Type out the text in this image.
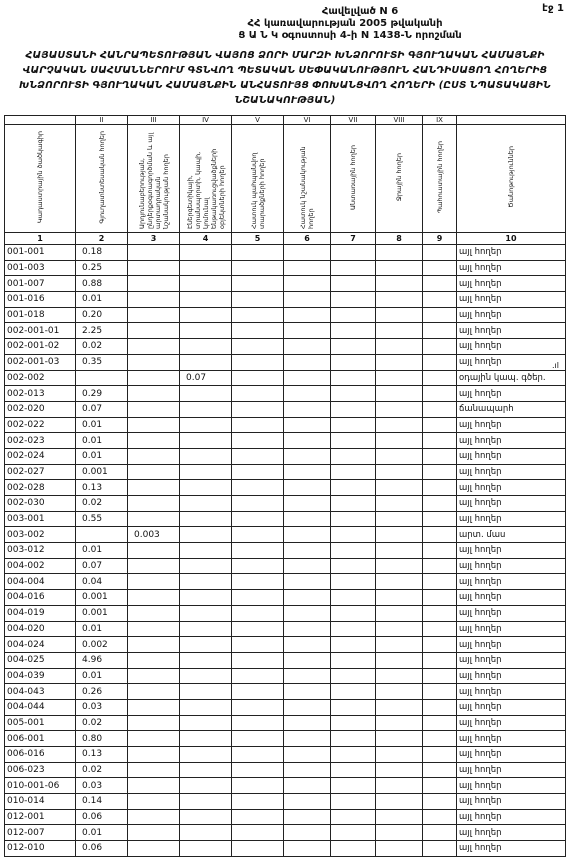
էջ 1
Հավելված N 6
ՀՀ կառավարության 2005 թվականի
Ց Ա Ն Կ օգոստոսի 4-ի N 1438-Ն որոշման
ՀԱՅԱՍՏԱՆԻ ՀԱՆՐԱՊԵՏՈՒԹՅԱՆ ՎԱՅՈՑ ՁՈՐԻ ՄԱՐԶԻ ԽՆՁՈՐՈՒՏԻ ԳՅՈՒՂԱԿԱՆ ՀԱՄԱՅՆՔԻ
ՎԱՐՉԱԿԱՆ ՍԱՀՄԱՆՆԵՐՈՒՄ ԳՏՆՎՈՂ ՊԵՏԱԿԱՆ ՍԵՓԱԿԱՆՈՒԹՅՈՒՆ ՀԱՆԴԻՍԱՑՈՂ ՀՈՂԵՐԻՑ
ԽՆՁՈՐՈՒՏԻ ԳՅՈՒՂԱԿԱՆ ՀԱՄԱՅՆՔԻՆ ԱՆՀԱՏՈՒՅՑ ՓՈԽԱՆՑՎՈՂ ՀՈՂԵՐԻ (ԸՍՏ ՆՊԱՏԱԿԱՅԻՆ
ՆՇԱՆԱԿՈՒԹՅԱՆ)
	II	III	IV	V	VI	VII	VIII	IX	
Կադաստրային ծածկագիր	Գյուղատնտեսական հողեր	Արդյունաբերության, ընդերքօգտագործման և այլ արտադրական նշանակության հողեր	Էներգետիկայի, տրանսպորտի, կապի, կոմունալ ենթակառուցվածքների օբյեկտների հողեր	Հատուկ պահպանվող տարածքների հողեր	Հատուկ նշանակության հողեր	Անտառային հողեր	Ջրային հողեր	Պահուստային հողեր	Ծանոթություններ
1	2	3	4	5	6	7	8	9	10
001-001	0.18								այլ հողեր
001-003	0.25								այլ հողեր
001-007	0.88								այլ հողեր
001-016	0.01								այլ հողեր
001-018	0.20								այլ հողեր
002-001-01	2.25								այլ հողեր
002-001-02	0.02								այլ հողեր
002-001-03	0.35								այլ հողեր
002-002			0.07						օդային կապ. գծեր.
002-013	0.29								այլ հողեր
002-020	0.07								ճանապարհ
002-022	0.01								այլ հողեր
002-023	0.01								այլ հողեր
002-024	0.01								այլ հողեր
002-027	0.001								այլ հողեր
002-028	0.13								այլ հողեր
002-030	0.02								այլ հողեր
003-001	0.55								այլ հողեր
003-002		0.003							արտ. մաս
003-012	0.01								այլ հողեր
004-002	0.07								այլ հողեր
004-004	0.04								այլ հողեր
004-016	0.001								այլ հողեր
004-019	0.001								այլ հողեր
004-020	0.01								այլ հողեր
004-024	0.002								այլ հողեր
004-025	4.96								այլ հողեր
004-039	0.01								այլ հողեր
004-043	0.26								այլ հողեր
004-044	0.03								այլ հողեր
005-001	0.02								այլ հողեր
006-001	0.80								այլ հողեր
006-016	0.13								այլ հողեր
006-023	0.02								այլ հողեր
010-001-06	0.03								այլ հողեր
010-014	0.14								այլ հողեր
012-001	0.06								այլ հողեր
012-007	0.01								այլ հողեր
012-010	0.06								այլ հողեր
.ıl
